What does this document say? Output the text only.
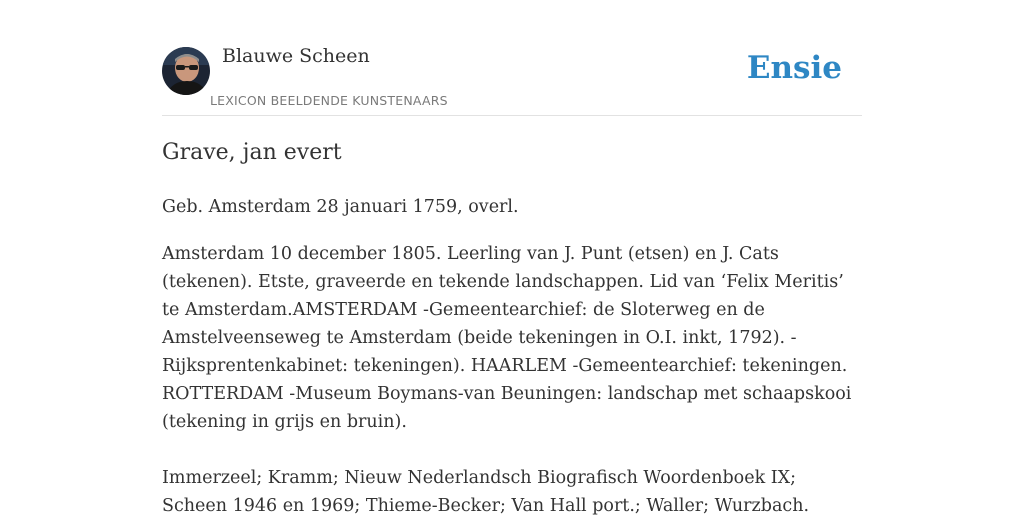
Blauwe Scheen
LEXICON BEELDENDE KUNSTENAARS
Ensie
Grave, jan evert

Geb. Amsterdam 28 januari 1759, overl.

Amsterdam 10 december 1805. Leerling van J. Punt (etsen) en J. Cats (tekenen). Etste, graveerde en tekende landschappen. Lid van ‘Felix Meritis’ te Amsterdam.AMSTERDAM -Gemeentearchief: de Sloterweg en de Amstelveenseweg te Amsterdam (beide tekeningen in O.I. inkt, 1792). -Rijksprentenkabinet: tekeningen). HAARLEM -Gemeentearchief: tekeningen. ROTTERDAM -Museum Boymans-van Beuningen: landschap met schaapskooi (tekening in grijs en bruin).

Immerzeel; Kramm; Nieuw Nederlandsch Biografisch Woordenboek IX; Scheen 1946 en 1969; Thieme-Becker; Van Hall port.; Waller; Wurzbach.
